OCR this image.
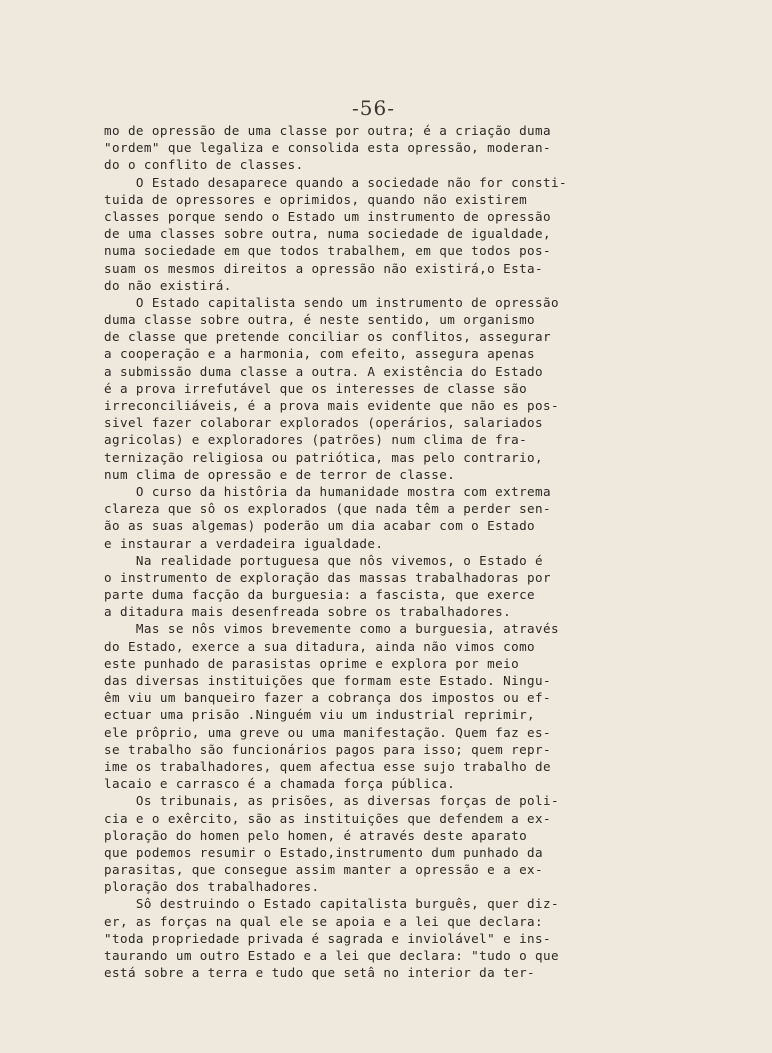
-56-
mo de opressão de uma classe por outra; é a criação duma
"ordem" que legaliza e consolida esta opressão, moderan-
do o conflito de classes.
O Estado desaparece quando a sociedade não for consti-
tuida de opressores e oprimidos, quando não existirem
classes porque sendo o Estado um instrumento de opressão
de uma classes sobre outra, numa sociedade de igualdade,
numa sociedade em que todos trabalhem, em que todos pos-
suam os mesmos direitos a opressão não existirá,o Esta-
do não existirá.
O Estado capitalista sendo um instrumento de opressão
duma classe sobre outra, é neste sentido, um organismo
de classe que pretende conciliar os conflitos, assegurar
a cooperação e a harmonia, com efeito, assegura apenas
a submissão duma classe a outra. A existência do Estado
é a prova irrefutável que os interesses de classe são
irreconciliáveis, é a prova mais evidente que não es pos-
sivel fazer colaborar explorados (operários, salariados
agricolas) e exploradores (patrões) num clima de fra-
ternização religiosa ou patriótica, mas pelo contrario,
num clima de opressão e de terror de classe.
O curso da histôria da humanidade mostra com extrema
clareza que sô os explorados (que nada têm a perder sen-
ão as suas algemas) poderão um dia acabar com o Estado
e instaurar a verdadeira igualdade.
Na realidade portuguesa que nôs vivemos, o Estado é
o instrumento de exploração das massas trabalhadoras por
parte duma facção da burguesia: a fascista, que exerce
a ditadura mais desenfreada sobre os trabalhadores.
Mas se nôs vimos brevemente como a burguesia, através
do Estado, exerce a sua ditadura, ainda não vimos como
este punhado de parasistas oprime e explora por meio
das diversas instituições que formam este Estado. Ningu-
êm viu um banqueiro fazer a cobrança dos impostos ou ef-
ectuar uma prisão .Ninguém viu um industrial reprimir,
ele prôprio, uma greve ou uma manifestação. Quem faz es-
se trabalho são funcionários pagos para isso; quem repr-
ime os trabalhadores, quem afectua esse sujo trabalho de
lacaio e carrasco é a chamada força pública.
Os tribunais, as prisões, as diversas forças de poli-
cia e o exêrcito, são as instituições que defendem a ex-
ploração do homen pelo homen, é através deste aparato
que podemos resumir o Estado,instrumento dum punhado da
parasitas, que consegue assim manter a opressão e a ex-
ploração dos trabalhadores.
Sô destruindo o Estado capitalista burguês, quer diz-
er, as forças na qual ele se apoia e a lei que declara:
"toda propriedade privada é sagrada e inviolável" e ins-
taurando um outro Estado e a lei que declara: "tudo o que
está sobre a terra e tudo que setâ no interior da ter-
